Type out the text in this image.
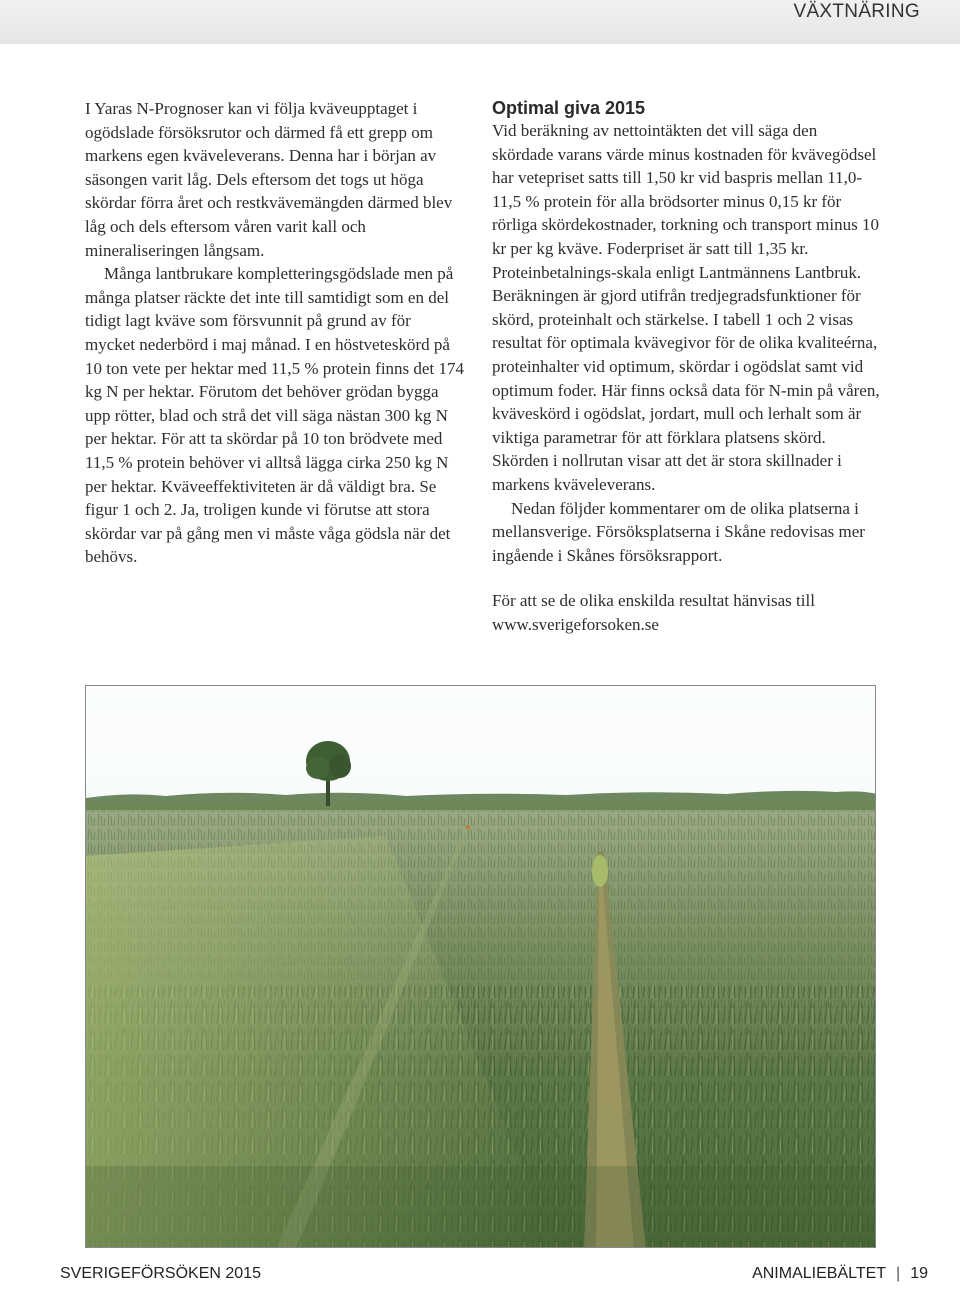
VÄXTNÄRING

I Yaras N-Prognoser kan vi följa kväveupptaget i ogödslade försöksrutor och därmed få ett grepp om markens egen kväveleverans. Denna har i början av säsongen varit låg. Dels eftersom det togs ut höga skördar förra året och restkvävemängden därmed blev låg och dels eftersom våren varit kall och mineraliseringen långsam.

Många lantbrukare kompletteringsgödslade men på många platser räckte det inte till samtidigt som en del tidigt lagt kväve som försvunnit på grund av för mycket nederbörd i maj månad. I en höstveteskörd på 10 ton vete per hektar med 11,5 % protein finns det 174 kg N per hektar. Förutom det behöver grödan bygga upp rötter, blad och strå det vill säga nästan 300 kg N per hektar. För att ta skördar på 10 ton brödvete med 11,5 % protein behöver vi alltså lägga cirka 250 kg N per hektar. Kväveeffektiviteten är då väldigt bra. Se figur 1 och 2. Ja, troligen kunde vi förutse att stora skördar var på gång men vi måste våga gödsla när det behövs.

Optimal giva 2015

Vid beräkning av nettointäkten det vill säga den skördade varans värde minus kostnaden för kvävegödsel har vetepriset satts till 1,50 kr vid baspris mellan 11,0-11,5 % protein för alla brödsorter minus 0,15 kr för rörliga skördekostnader, torkning och transport minus 10 kr per kg kväve. Foderpriset är satt till 1,35 kr. Proteinbetalnings-skala enligt Lantmännens Lantbruk. Beräkningen är gjord utifrån tredjegradsfunktioner för skörd, proteinhalt och stärkelse. I tabell 1 och 2 visas resultat för optimala kvävegivor för de olika kvaliteérna, proteinhalter vid optimum, skördar i ogödslat samt vid optimum foder. Här finns också data för N-min på våren, kväveskörd i ogödslat, jordart, mull och lerhalt som är viktiga parametrar för att förklara platsens skörd. Skörden i nollrutan visar att det är stora skillnader i markens kväveleverans.

Nedan följder kommentarer om de olika platserna i mellansverige. Försöksplatserna i Skåne redovisas mer ingående i Skånes försöksrapport.

För att se de olika enskilda resultat hänvisas till www.sverigeforsoken.se

SVERIGEFÖRSÖKEN 2015	ANIMALIEBÄLTET | 19
